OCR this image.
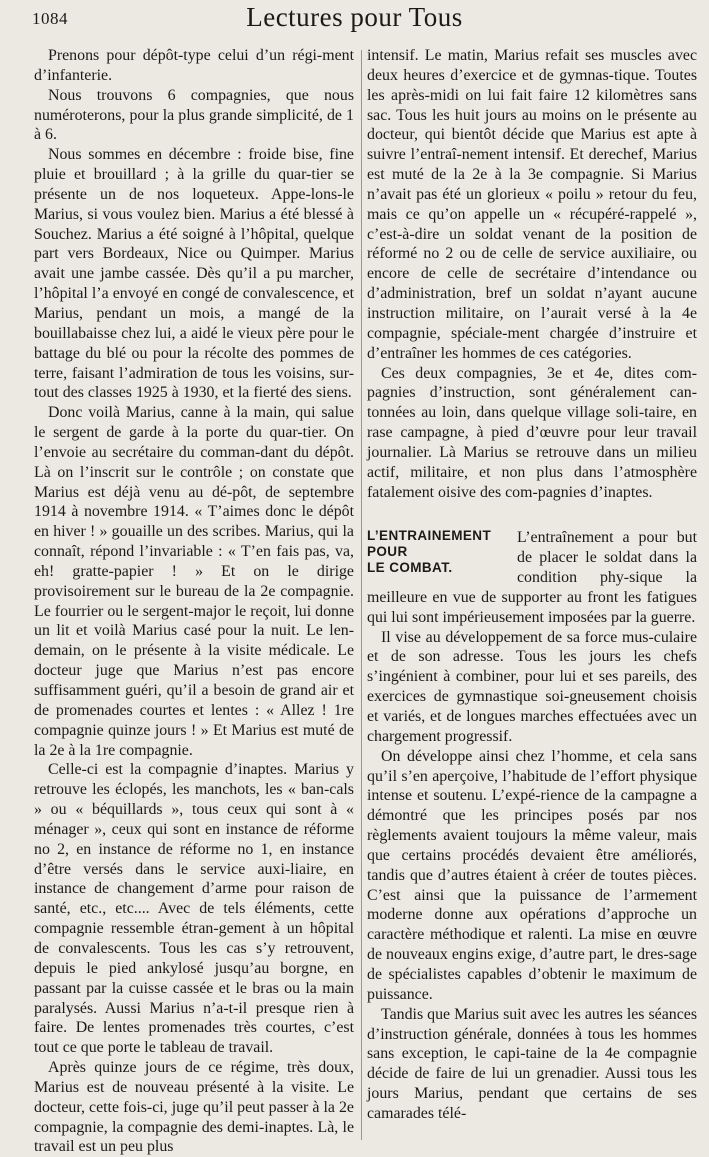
1084	Lectures pour Tous

Prenons pour dépôt-type celui d’un régi-ment d’infanterie.

Nous trouvons 6 compagnies, que nous numéroterons, pour la plus grande simplicité, de 1 à 6.

Nous sommes en décembre : froide bise, fine pluie et brouillard ; à la grille du quar-tier se présente un de nos loqueteux. Appe-lons-le Marius, si vous voulez bien. Marius a été blessé à Souchez. Marius a été soigné à l’hôpital, quelque part vers Bordeaux, Nice ou Quimper. Marius avait une jambe cassée. Dès qu’il a pu marcher, l’hôpital l’a envoyé en congé de convalescence, et Marius, pendant un mois, a mangé de la bouillabaisse chez lui, a aidé le vieux père pour le battage du blé ou pour la récolte des pommes de terre, faisant l’admiration de tous les voisins, sur-tout des classes 1925 à 1930, et la fierté des siens.

Donc voilà Marius, canne à la main, qui salue le sergent de garde à la porte du quar-tier. On l’envoie au secrétaire du comman-dant du dépôt. Là on l’inscrit sur le contrôle ; on constate que Marius est déjà venu au dé-pôt, de septembre 1914 à novembre 1914. « T’aimes donc le dépôt en hiver ! » gouaille un des scribes. Marius, qui la connaît, répond l’invariable : « T’en fais pas, va, eh! gratte-papier ! » Et on le dirige provisoirement sur le bureau de la 2e compagnie. Le fourrier ou le sergent-major le reçoit, lui donne un lit et voilà Marius casé pour la nuit. Le len-demain, on le présente à la visite médicale. Le docteur juge que Marius n’est pas encore suffisamment guéri, qu’il a besoin de grand air et de promenades courtes et lentes : « Allez ! 1re compagnie quinze jours ! » Et Marius est muté de la 2e à la 1re compagnie.

Celle-ci est la compagnie d’inaptes. Marius y retrouve les éclopés, les manchots, les « ban-cals » ou « béquillards », tous ceux qui sont à « ménager », ceux qui sont en instance de réforme no 2, en instance de réforme no 1, en instance d’être versés dans le service auxi-liaire, en instance de changement d’arme pour raison de santé, etc., etc.... Avec de tels éléments, cette compagnie ressemble étran-gement à un hôpital de convalescents. Tous les cas s’y retrouvent, depuis le pied ankylosé jusqu’au borgne, en passant par la cuisse cassée et le bras ou la main paralysés. Aussi Marius n’a-t-il presque rien à faire. De lentes promenades très courtes, c’est tout ce que porte le tableau de travail.

Après quinze jours de ce régime, très doux, Marius est de nouveau présenté à la visite. Le docteur, cette fois-ci, juge qu’il peut passer à la 2e compagnie, la compagnie des demi-inaptes. Là, le travail est un peu plus

intensif. Le matin, Marius refait ses muscles avec deux heures d’exercice et de gymnas-tique. Toutes les après-midi on lui fait faire 12 kilomètres sans sac. Tous les huit jours au moins on le présente au docteur, qui bientôt décide que Marius est apte à suivre l’entraî-nement intensif. Et derechef, Marius est muté de la 2e à la 3e compagnie. Si Marius n’avait pas été un glorieux « poilu » retour du feu, mais ce qu’on appelle un « récupéré-rappelé », c’est-à-dire un soldat venant de la position de réformé no 2 ou de celle de service auxiliaire, ou encore de celle de secrétaire d’intendance ou d’administration, bref un soldat n’ayant aucune instruction militaire, on l’aurait versé à la 4e compagnie, spéciale-ment chargée d’instruire et d’entraîner les hommes de ces catégories.

Ces deux compagnies, 3e et 4e, dites com-pagnies d’instruction, sont généralement can-tonnées au loin, dans quelque village soli-taire, en rase campagne, à pied d’œuvre pour leur travail journalier. Là Marius se retrouve dans un milieu actif, militaire, et non plus dans l’atmosphère fatalement oisive des com-pagnies d’inaptes.

L’ENTRAINEMENT
POUR
LE COMBAT.

L’entraînement a pour but de placer le soldat dans la condition phy-sique la meilleure en vue de supporter au front les fatigues qui lui sont impérieusement imposées par la guerre.

Il vise au développement de sa force mus-culaire et de son adresse. Tous les jours les chefs s’ingénient à combiner, pour lui et ses pareils, des exercices de gymnastique soi-gneusement choisis et variés, et de longues marches effectuées avec un chargement progressif.

On développe ainsi chez l’homme, et cela sans qu’il s’en aperçoive, l’habitude de l’effort physique intense et soutenu. L’expé-rience de la campagne a démontré que les principes posés par nos règlements avaient toujours la même valeur, mais que certains procédés devaient être améliorés, tandis que d’autres étaient à créer de toutes pièces. C’est ainsi que la puissance de l’armement moderne donne aux opérations d’approche un caractère méthodique et ralenti. La mise en œuvre de nouveaux engins exige, d’autre part, le dres-sage de spécialistes capables d’obtenir le maximum de puissance.

Tandis que Marius suit avec les autres les séances d’instruction générale, données à tous les hommes sans exception, le capi-taine de la 4e compagnie décide de faire de lui un grenadier. Aussi tous les jours Marius, pendant que certains de ses camarades télé-
